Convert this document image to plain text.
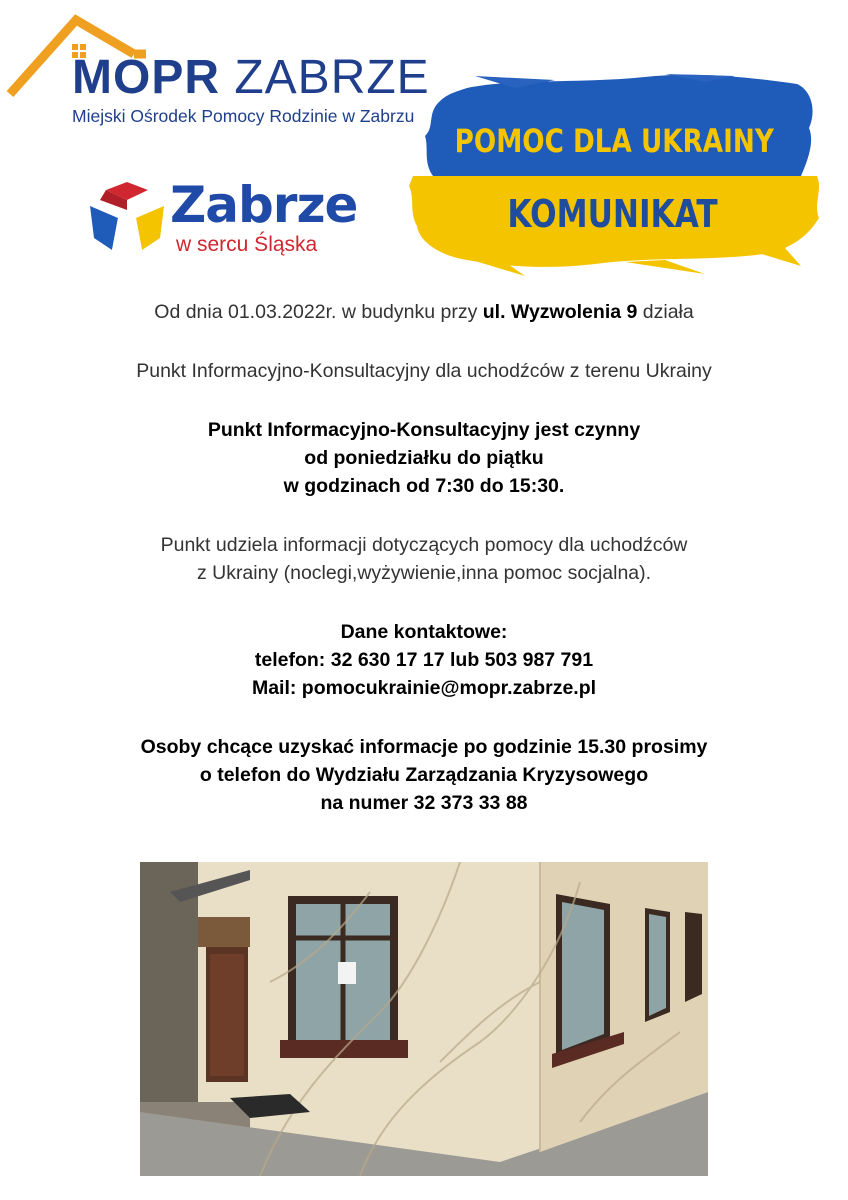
MOPR ZABRZE
Miejski Ośrodek Pomocy Rodzinie w Zabrzu
Zabrze
w sercu Śląska
POMOC DLA UKRAINY
KOMUNIKAT
Od dnia 01.03.2022r. w budynku przy ul. Wyzwolenia 9 działa
Punkt Informacyjno-Konsultacyjny dla uchodźców z terenu Ukrainy
Punkt Informacyjno-Konsultacyjny jest czynny
od poniedziałku do piątku
w godzinach od 7:30 do 15:30.
Punkt udziela informacji dotyczących pomocy dla uchodźców
z Ukrainy (noclegi,wyżywienie,inna pomoc socjalna).
Dane kontaktowe:
telefon: 32 630 17 17 lub 503 987 791
Mail: pomocukrainie@mopr.zabrze.pl
Osoby chcące uzyskać informacje po godzinie 15.30 prosimy
o telefon do Wydziału Zarządzania Kryzysowego
na numer 32 373 33 88
